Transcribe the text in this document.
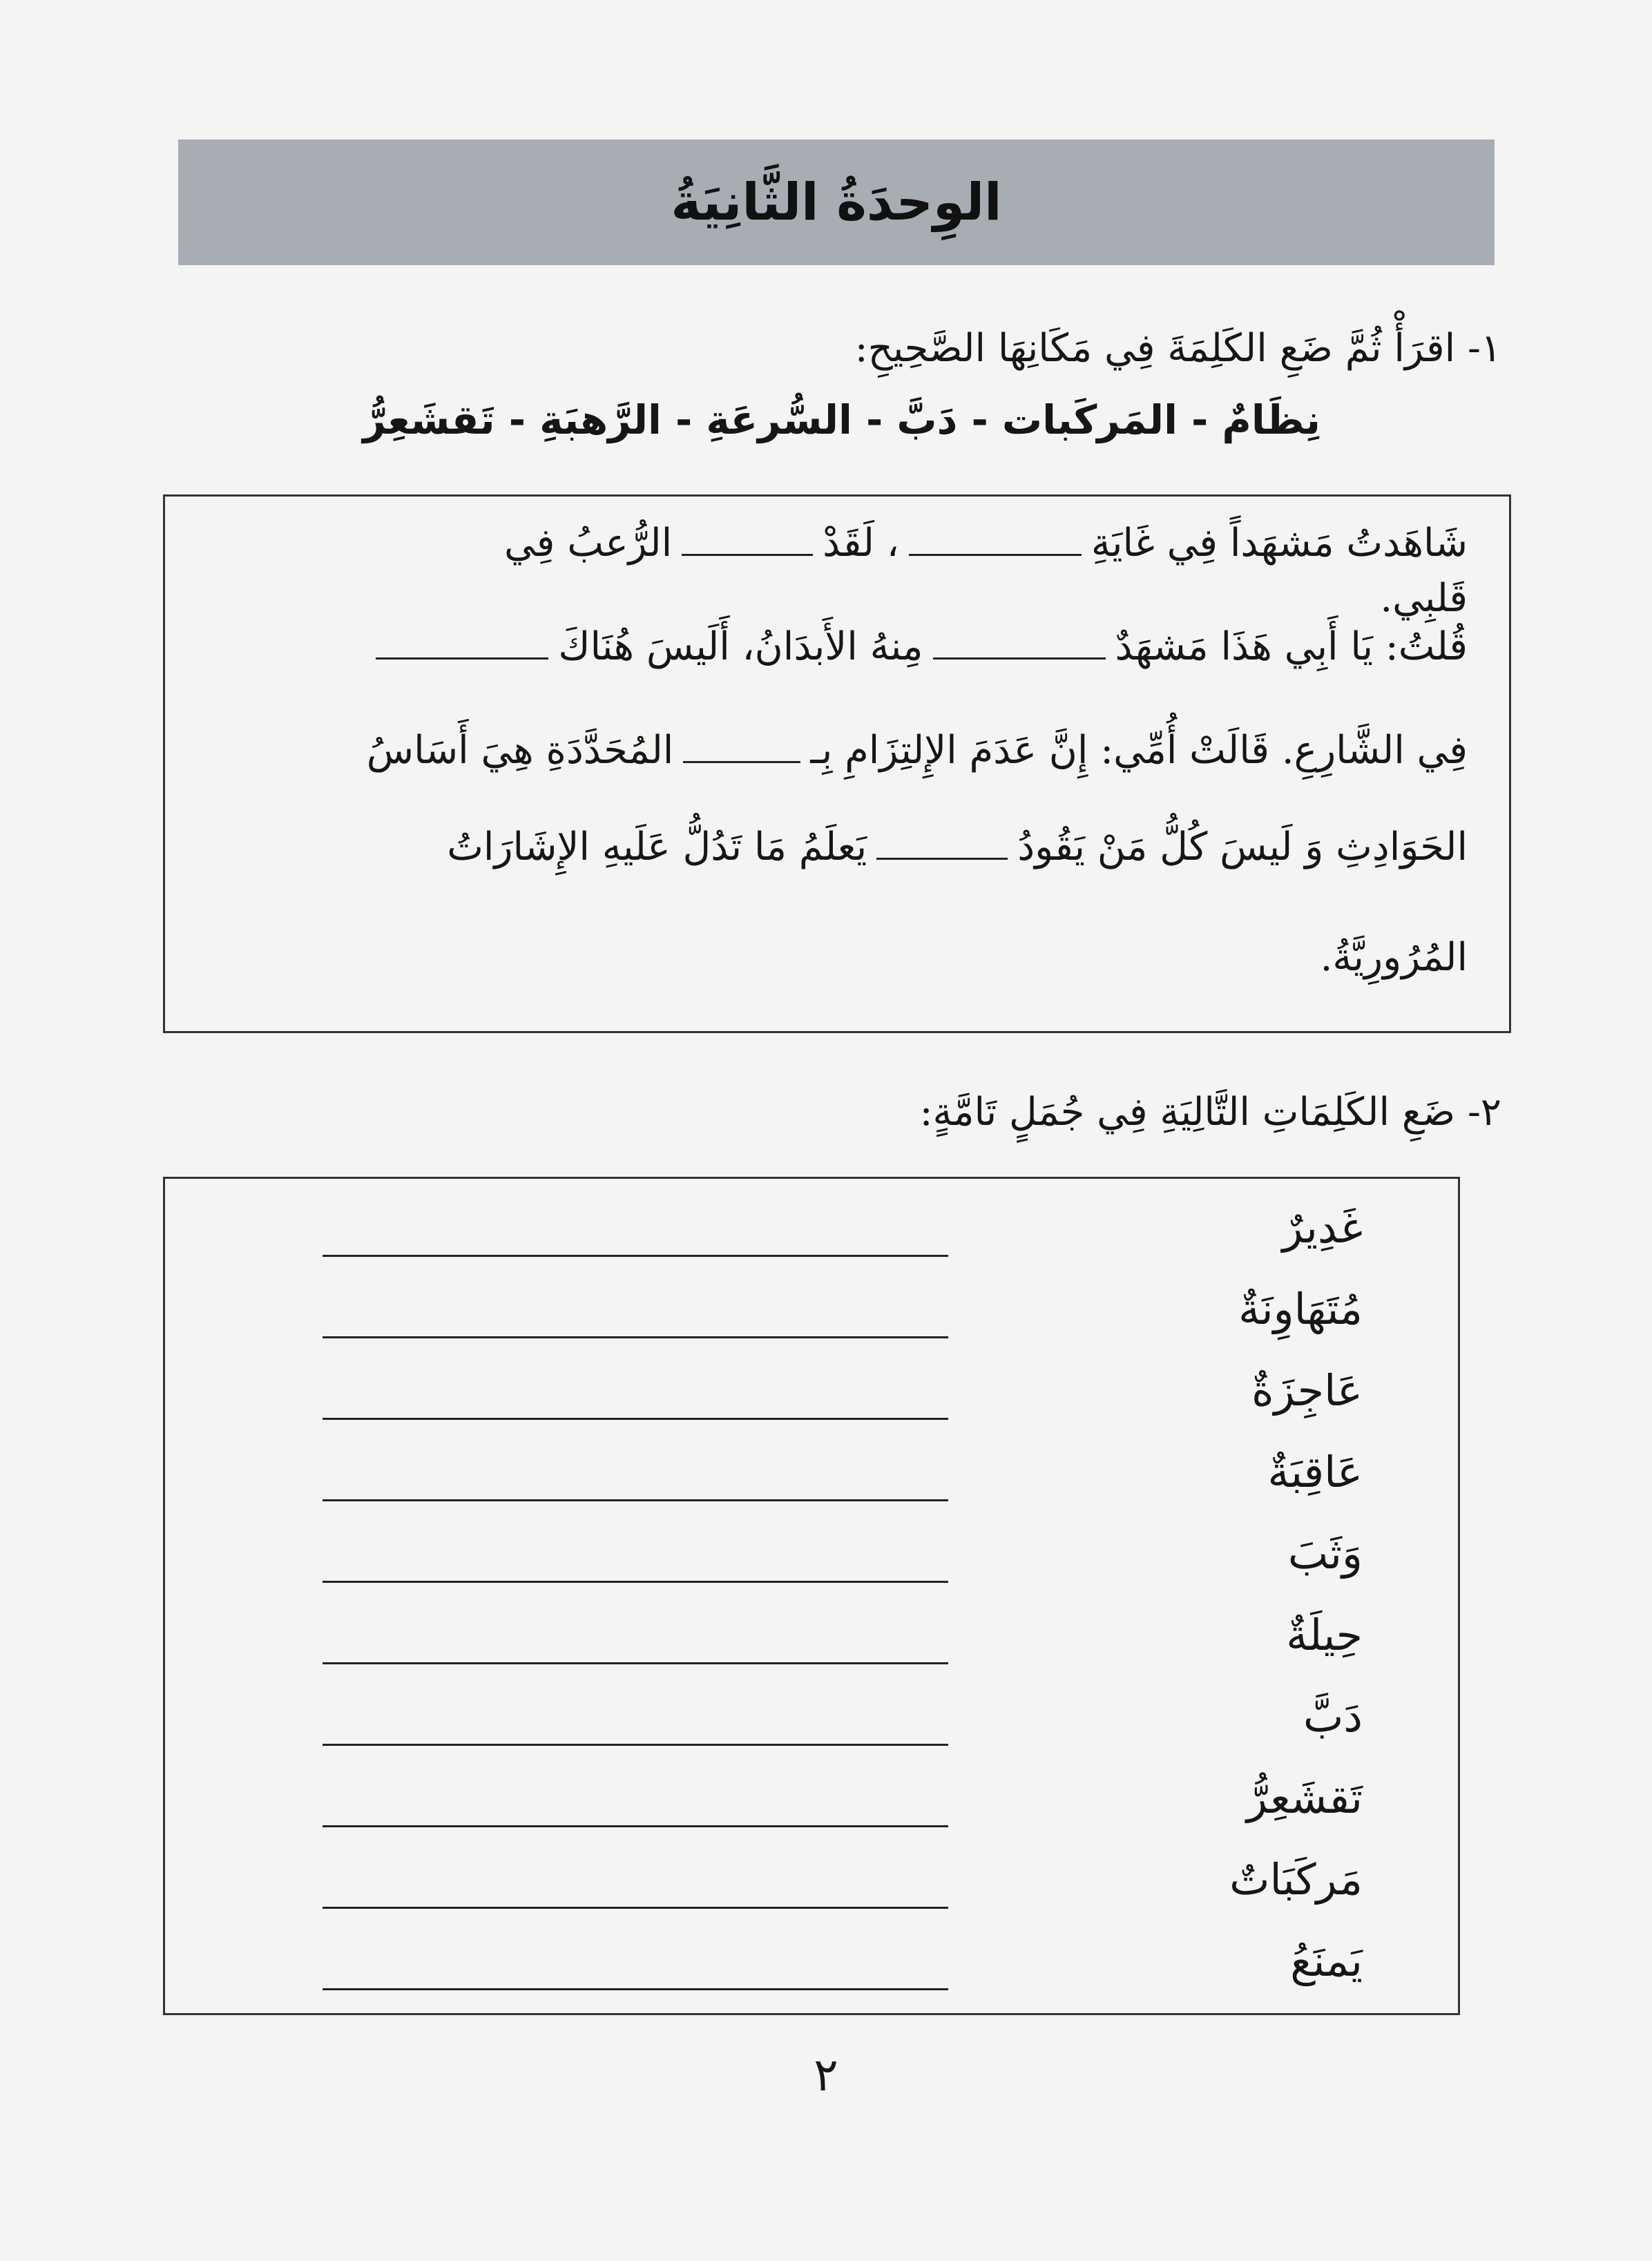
الوِحدَةُ الثَّانِيَةُ
١- اقرَأْ ثُمَّ ضَعِ الكَلِمَةَ فِي مَكَانِهَا الصَّحِيحِ:
نِظَامٌ - المَركَبات - دَبَّ - السُّرعَةِ - الرَّهبَةِ - تَقشَعِرُّ
شَاهَدتُ مَشهَداً فِي غَايَةِ، لَقَدْالرُّعبُ فِي
قَلبِي.
قُلتُ: يَا أَبِي هَذَا مَشهَدٌمِنهُ الأَبدَانُ، أَلَيسَ هُنَاكَ
فِي الشَّارِعِ. قَالَتْ أُمِّي: إِنَّ عَدَمَ الإِلتِزَامِ بِـالمُحَدَّدَةِ هِيَ أَسَاسُ
الحَوَادِثِ وَ لَيسَ كُلُّ مَنْ يَقُودُيَعلَمُ مَا تَدُلُّ عَلَيهِ الإِشَارَاتُ
المُرُورِيَّةُ.
٢- ضَعِ الكَلِمَاتِ التَّالِيَةِ فِي جُمَلٍ تَامَّةٍ:
غَدِيرٌ
مُتَهَاوِنَةٌ
عَاجِزَةٌ
عَاقِبَةٌ
وَثَبَ
حِيلَةٌ
دَبَّ
تَقشَعِرُّ
مَركَبَاتٌ
يَمنَعُ
٢
